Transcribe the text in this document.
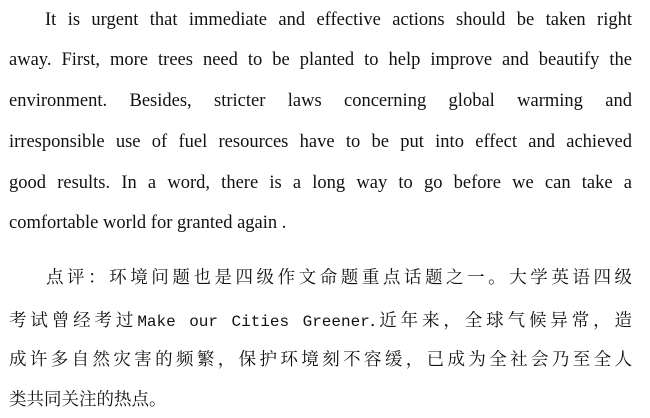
It is urgent that immediate and effective actions should be taken right
away. First, more trees need to be planted to help improve and beautify the
environment. Besides, stricter laws concerning global warming and
irresponsible use of fuel resources have to be put into effect and achieved
good results. In a word, there is a long way to go before we can take a
comfortable world for granted again .
点评：环境问题也是四级作文命题重点话题之一。大学英语四级
考试曾经考过Make our Cities Greener.近年来，全球气候异常，造
成许多自然灾害的频繁，保护环境刻不容缓，已成为全社会乃至全人
类共同关注的热点。
